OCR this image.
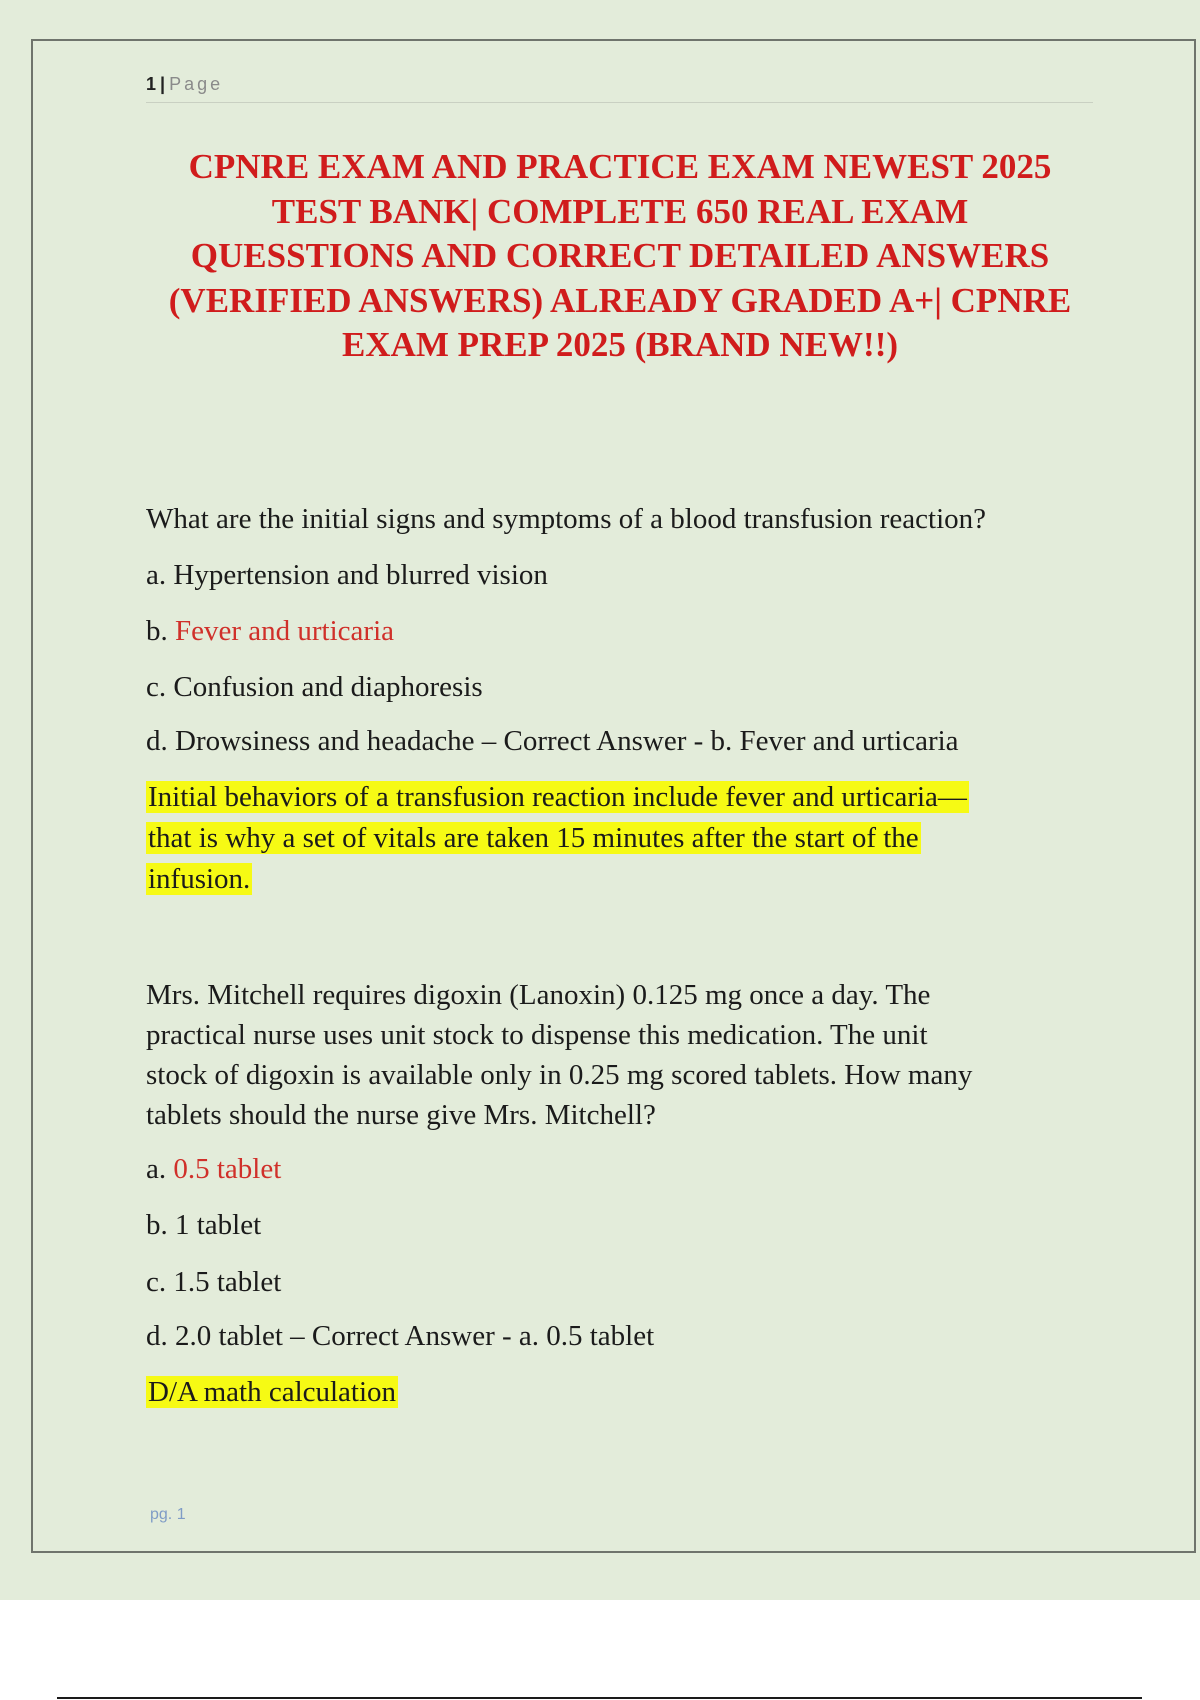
1 | Page
CPNRE EXAM AND PRACTICE EXAM NEWEST 2025
TEST BANK| COMPLETE 650 REAL EXAM
QUESSTIONS AND CORRECT DETAILED ANSWERS
(VERIFIED ANSWERS) ALREADY GRADED A+| CPNRE
EXAM PREP 2025 (BRAND NEW!!)

What are the initial signs and symptoms of a blood transfusion reaction?

a. Hypertension and blurred vision

b. Fever and urticaria

c. Confusion and diaphoresis

d. Drowsiness and headache – Correct Answer - b. Fever and urticaria

Initial behaviors of a transfusion reaction include fever and urticaria—
that is why a set of vitals are taken 15 minutes after the start of the
infusion.

Mrs. Mitchell requires digoxin (Lanoxin) 0.125 mg once a day. The
practical nurse uses unit stock to dispense this medication. The unit
stock of digoxin is available only in 0.25 mg scored tablets. How many
tablets should the nurse give Mrs. Mitchell?

a. 0.5 tablet

b. 1 tablet

c. 1.5 tablet

d. 2.0 tablet – Correct Answer - a. 0.5 tablet

D/A math calculation

pg. 1
